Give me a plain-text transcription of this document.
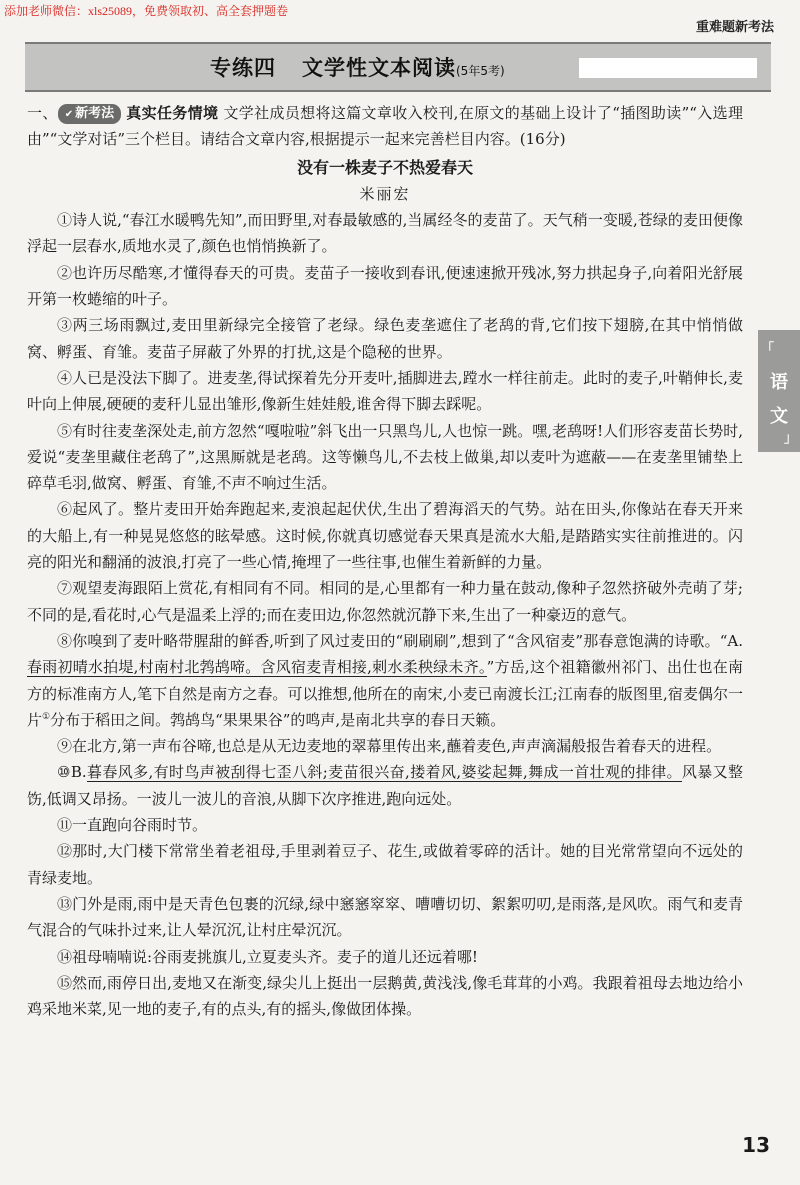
添加老师微信：xls25089，免费领取初、高全套押题卷
重难题新考法
专练四 文学性文本阅读(5年5考)
「
语
文
」

一、 ✔ 新考法 真实任务情境 文学社成员想将这篇文章收入校刊,在原文的基础上设计了“插图助读”“入选理由”“文学对话”三个栏目。请结合文章内容,根据提示一起来完善栏目内容。(16分)

没有一株麦子不热爱春天

米丽宏

①诗人说,“春江水暖鸭先知”,而田野里,对春最敏感的,当属经冬的麦苗了。天气稍一变暖,苍绿的麦田便像浮起一层春水,质地水灵了,颜色也悄悄换新了。

②也许历尽酷寒,才懂得春天的可贵。麦苗子一接收到春讯,便速速掀开残冰,努力拱起身子,向着阳光舒展开第一枚蜷缩的叶子。

③两三场雨飘过,麦田里新绿完全接管了老绿。绿色麦垄遮住了老鸹的背,它们按下翅膀,在其中悄悄做窝、孵蛋、育雏。麦苗子屏蔽了外界的打扰,这是个隐秘的世界。

④人已是没法下脚了。进麦垄,得试探着先分开麦叶,插脚进去,蹚水一样往前走。此时的麦子,叶鞘伸长,麦叶向上伸展,硬硬的麦秆儿显出雏形,像新生娃娃般,谁舍得下脚去踩呢。

⑤有时往麦垄深处走,前方忽然“嘎啦啦”斜飞出一只黑鸟儿,人也惊一跳。嘿,老鸹呀!人们形容麦苗长势时,爱说“麦垄里藏住老鸹了”,这黑厮就是老鸹。这等懒鸟儿,不去枝上做巢,却以麦叶为遮蔽——在麦垄里铺垫上碎草毛羽,做窝、孵蛋、育雏,不声不响过生活。

⑥起风了。整片麦田开始奔跑起来,麦浪起起伏伏,生出了碧海滔天的气势。站在田头,你像站在春天开来的大船上,有一种晃晃悠悠的眩晕感。这时候,你就真切感觉春天果真是流水大船,是踏踏实实往前推进的。闪亮的阳光和翻涌的波浪,打亮了一些心情,掩埋了一些往事,也催生着新鲜的力量。

⑦观望麦海跟陌上赏花,有相同有不同。相同的是,心里都有一种力量在鼓动,像种子忽然挤破外壳萌了芽;不同的是,看花时,心气是温柔上浮的;而在麦田边,你忽然就沉静下来,生出了一种豪迈的意气。

⑧你嗅到了麦叶略带腥甜的鲜香,听到了风过麦田的“刷刷刷”,想到了“含风宿麦”那春意饱满的诗歌。“A.春雨初晴水拍堤,村南村北鹁鸪啼。含风宿麦青相接,刺水柔秧绿未齐。”方岳,这个祖籍徽州祁门、出仕也在南方的标准南方人,笔下自然是南方之春。可以推想,他所在的南宋,小麦已南渡长江;江南春的版图里,宿麦偶尔一片①分布于稻田之间。鹁鸪鸟“果果果谷”的鸣声,是南北共享的春日天籁。

⑨在北方,第一声布谷啼,也总是从无边麦地的翠幕里传出来,蘸着麦色,声声滴漏般报告着春天的进程。

⑩B.暮春风多,有时鸟声被刮得七歪八斜;麦苗很兴奋,搂着风,婆娑起舞,舞成一首壮观的排律。风暴又整饬,低调又昂扬。一波儿一波儿的音浪,从脚下次序推进,跑向远处。

⑪一直跑向谷雨时节。

⑫那时,大门楼下常常坐着老祖母,手里剥着豆子、花生,或做着零碎的活计。她的目光常常望向不远处的青绿麦地。

⑬门外是雨,雨中是天青色包裹的沉绿,绿中窸窸窣窣、嘈嘈切切、絮絮叨叨,是雨落,是风吹。雨气和麦青气混合的气味扑过来,让人晕沉沉,让村庄晕沉沉。

⑭祖母喃喃说:谷雨麦挑旗儿,立夏麦头齐。麦子的道儿还远着哪!

⑮然而,雨停日出,麦地又在渐变,绿尖儿上挺出一层鹅黄,黄浅浅,像毛茸茸的小鸡。我跟着祖母去地边给小鸡采地米菜,见一地的麦子,有的点头,有的摇头,像做团体操。

13
